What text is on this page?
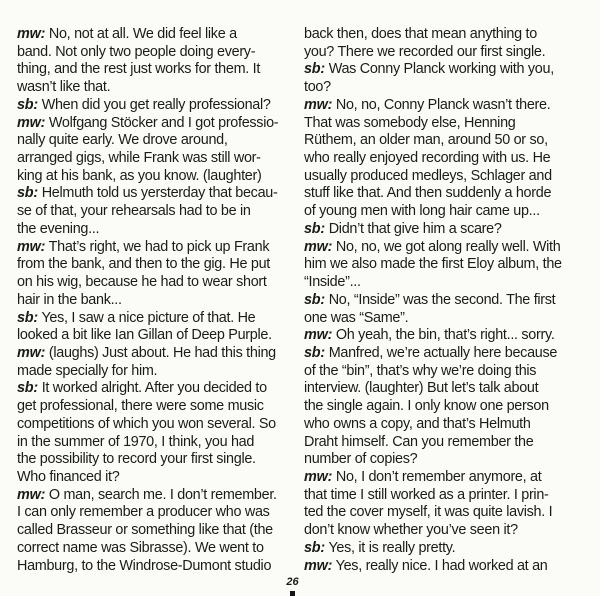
mw: No, not at all. We did feel like a
band. Not only two people doing every-
thing, and the rest just works for them. It
wasn’t like that.
sb: When did you get really professional?
mw: Wolfgang Stöcker and I got professio-
nally quite early. We drove around,
arranged gigs, while Frank was still wor-
king at his bank, as you know. (laughter)
sb: Helmuth told us yersterday that becau-
se of that, your rehearsals had to be in
the evening...
mw: That’s right, we had to pick up Frank
from the bank, and then to the gig. He put
on his wig, because he had to wear short
hair in the bank...
sb: Yes, I saw a nice picture of that. He
looked a bit like Ian Gillan of Deep Purple.
mw: (laughs) Just about. He had this thing
made specially for him.
sb: It worked alright. After you decided to
get professional, there were some music
competitions of which you won several. So
in the summer of 1970, I think, you had
the possibility to record your first single.
Who financed it?
mw: O man, search me. I don’t remember.
I can only remember a producer who was
called Brasseur or something like that (the
correct name was Sibrasse). We went to
Hamburg, to the Windrose-Dumont studio
back then, does that mean anything to
you? There we recorded our first single.
sb: Was Conny Planck working with you,
too?
mw: No, no, Conny Planck wasn’t there.
That was somebody else, Henning
Rüthem, an older man, around 50 or so,
who really enjoyed recording with us. He
usually produced medleys, Schlager and
stuff like that. And then suddenly a horde
of young men with long hair came up...
sb: Didn’t that give him a scare?
mw: No, no, we got along really well. With
him we also made the first Eloy album, the
“Inside”...
sb: No, “Inside” was the second. The first
one was “Same”.
mw: Oh yeah, the bin, that’s right... sorry.
sb: Manfred, we’re actually here because
of the “bin”, that’s why we’re doing this
interview. (laughter) But let’s talk about
the single again. I only know one person
who owns a copy, and that’s Helmuth
Draht himself. Can you remember the
number of copies?
mw: No, I don’t remember anymore, at
that time I still worked as a printer. I prin-
ted the cover myself, it was quite lavish. I
don’t know whether you’ve seen it?
sb: Yes, it is really pretty.
mw: Yes, really nice. I had worked at an
26
